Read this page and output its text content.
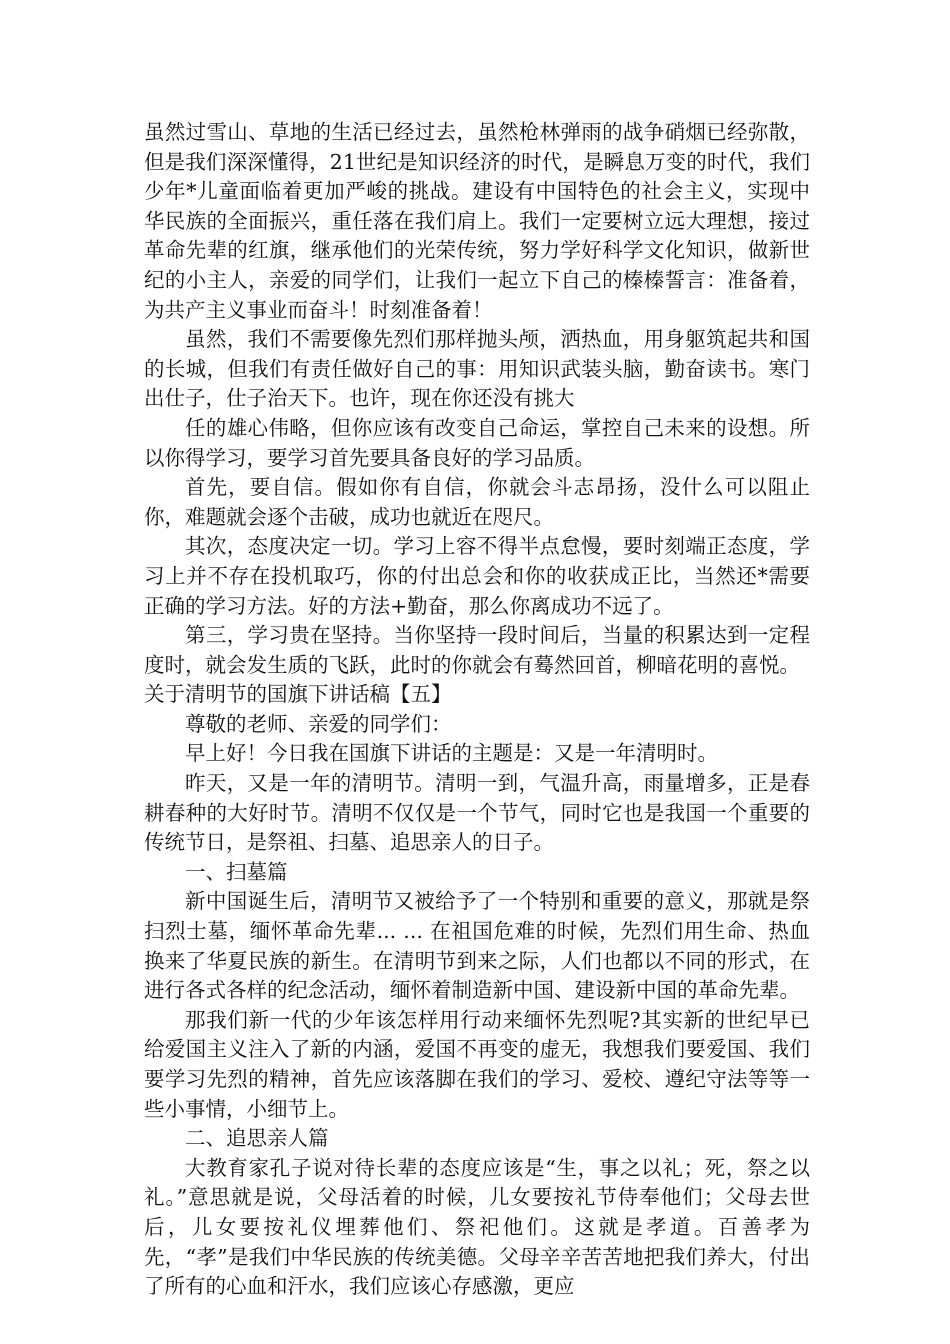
虽然过雪山、草地的生活已经过去，虽然枪林弹雨的战争硝烟已经弥散，但是我们深深懂得，21世纪是知识经济的时代，是瞬息万变的时代，我们少年*儿童面临着更加严峻的挑战。建设有中国特色的社会主义，实现中华民族的全面振兴，重任落在我们肩上。我们一定要树立远大理想，接过革命先辈的红旗，继承他们的光荣传统，努力学好科学文化知识，做新世纪的小主人，亲爱的同学们，让我们一起立下自己的榛榛誓言：准备着，为共产主义事业而奋斗！时刻准备着！

虽然，我们不需要像先烈们那样抛头颅，洒热血，用身躯筑起共和国的长城，但我们有责任做好自己的事：用知识武装头脑，勤奋读书。寒门出仕子，仕子治天下。也许，现在你还没有挑大

任的雄心伟略，但你应该有改变自己命运，掌控自己未来的设想。所以你得学习，要学习首先要具备良好的学习品质。

首先，要自信。假如你有自信，你就会斗志昂扬，没什么可以阻止你，难题就会逐个击破，成功也就近在咫尺。

其次，态度决定一切。学习上容不得半点怠慢，要时刻端正态度，学习上并不存在投机取巧，你的付出总会和你的收获成正比，当然还*需要正确的学习方法。好的方法+勤奋，那么你离成功不远了。

第三，学习贵在坚持。当你坚持一段时间后，当量的积累达到一定程度时，就会发生质的飞跃，此时的你就会有蓦然回首，柳暗花明的喜悦。

关于清明节的国旗下讲话稿【五】

尊敬的老师、亲爱的同学们：

早上好！今日我在国旗下讲话的主题是：又是一年清明时。

昨天，又是一年的清明节。清明一到，气温升高，雨量增多，正是春耕春种的大好时节。清明不仅仅是一个节气，同时它也是我国一个重要的传统节日，是祭祖、扫墓、追思亲人的日子。

一、扫墓篇

新中国诞生后，清明节又被给予了一个特别和重要的意义，那就是祭扫烈士墓，缅怀革命先辈... ... 在祖国危难的时候，先烈们用生命、热血换来了华夏民族的新生。在清明节到来之际，人们也都以不同的形式，在进行各式各样的纪念活动，缅怀着制造新中国、建设新中国的革命先辈。

那我们新一代的少年该怎样用行动来缅怀先烈呢?其实新的世纪早已给爱国主义注入了新的内涵，爱国不再变的虚无，我想我们要爱国、我们要学习先烈的精神，首先应该落脚在我们的学习、爱校、遵纪守法等等一些小事情，小细节上。

二、追思亲人篇

大教育家孔子说对待长辈的态度应该是“生，事之以礼；死，祭之以礼。”意思就是说，父母活着的时候，儿女要按礼节侍奉他们；父母去世后，儿女要按礼仪埋葬他们、祭祀他们。这就是孝道。百善孝为先，“孝”是我们中华民族的传统美德。父母辛辛苦苦地把我们养大，付出了所有的心血和汗水，我们应该心存感激，更应
